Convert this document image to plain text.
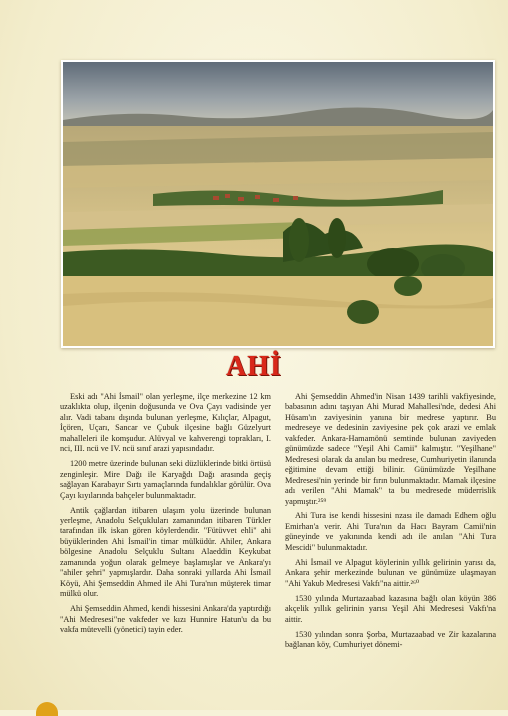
AHİ

Eski adı "Ahi İsmail" olan yerleşme, ilçe merkezine 12 km uzaklıkta olup, ilçenin doğusunda ve Ova Çayı vadisinde yer alır. Vadi tabanı dışında bulunan yerleşme, Kılıçlar, Alpagut, İçören, Uçarı, Sancar ve Çubuk ilçesine bağlı Güzelyurt mahalleleri ile komşudur. Alüvyal ve kahverengi toprakları, I. nci, III. ncü ve IV. ncü sınıf arazi yapısındadır.

1200 metre üzerinde bulunan seki düzlüklerinde bitki örtüsü zenginleşir. Mire Dağı ile Karyağdı Dağı arasında geçiş sağlayan Karabayır Sırtı yamaçlarında fundalıklar görülür. Ova Çayı kıyılarında bahçeler bulunmaktadır.

Antik çağlardan itibaren ulaşım yolu üzerinde bulunan yerleşme, Anadolu Selçukluları zamanından itibaren Türkler tarafından ilk iskan gören köylerdendir. "Fütüvvet ehli" ahi büyüklerinden Ahi İsmail'in timar mülküdür. Ahiler, Ankara bölgesine Anadolu Selçuklu Sultanı Alaeddin Keykubat zamanında yoğun olarak gelmeye başlamışlar ve Ankara'yı "ahiler şehri" yapmışlardır. Daha sonraki yıllarda Ahi İsmail Köyü, Ahi Şemseddin Ahmed ile Ahi Tura'nın müşterek timar mülkü olur.

Ahi Şemseddin Ahmed, kendi hissesini Ankara'da yaptırdığı "Ahi Medresesi"ne vakfeder ve kızı Hunnire Hatun'u da bu vakfa mütevelli (yönetici) tayin eder.

Ahi Şemseddin Ahmed'in Nisan 1439 tarihli vakfiyesinde, babasının adını taşıyan Ahi Murad Mahallesi'nde, dedesi Ahi Hüsam'ın zaviyesinin yanına bir medrese yaptırır. Bu medreseye ve dedesinin zaviyesine pek çok arazi ve emlak vakfeder. Ankara-Hamamönü semtinde bulunan zaviyeden günümüzde sadece "Yeşil Ahi Camii" kalmıştır. "Yeşilhane" Medresesi olarak da anılan bu medrese, Cumhuriyetin ilanında eğitimine devam ettiği bilinir. Günümüzde Yeşilhane Medresesi'nin yerinde bir fırın bulunmaktadır. Mamak ilçesine adı verilen "Ahi Mamak" ta bu medresede müderrislik yapmıştır.²⁵⁹

Ahi Tura ise kendi hissesini nzası ile damadı Edhem oğlu Emirhan'a verir. Ahi Tura'nın da Hacı Bayram Camii'nin güneyinde ve yakınında kendi adı ile anılan "Ahi Tura Mescidi" bulunmaktadır.

Ahi İsmail ve Alpagut köylerinin yıllık gelirinin yarısı da, Ankara şehir merkezinde bulunan ve günümüze ulaşmayan "Ahi Yakub Medresesi Vakfı"na aittir.²⁶⁰

1530 yılında Murtazaabad kazasına bağlı olan köyün 386 akçelik yıllık gelirinin yarısı Yeşil Ahi Medresesi Vakfı'na aittir.

1530 yılından sonra Şorba, Murtazaabad ve Zir kazalarına bağlanan köy, Cumhuriyet dönemi-
